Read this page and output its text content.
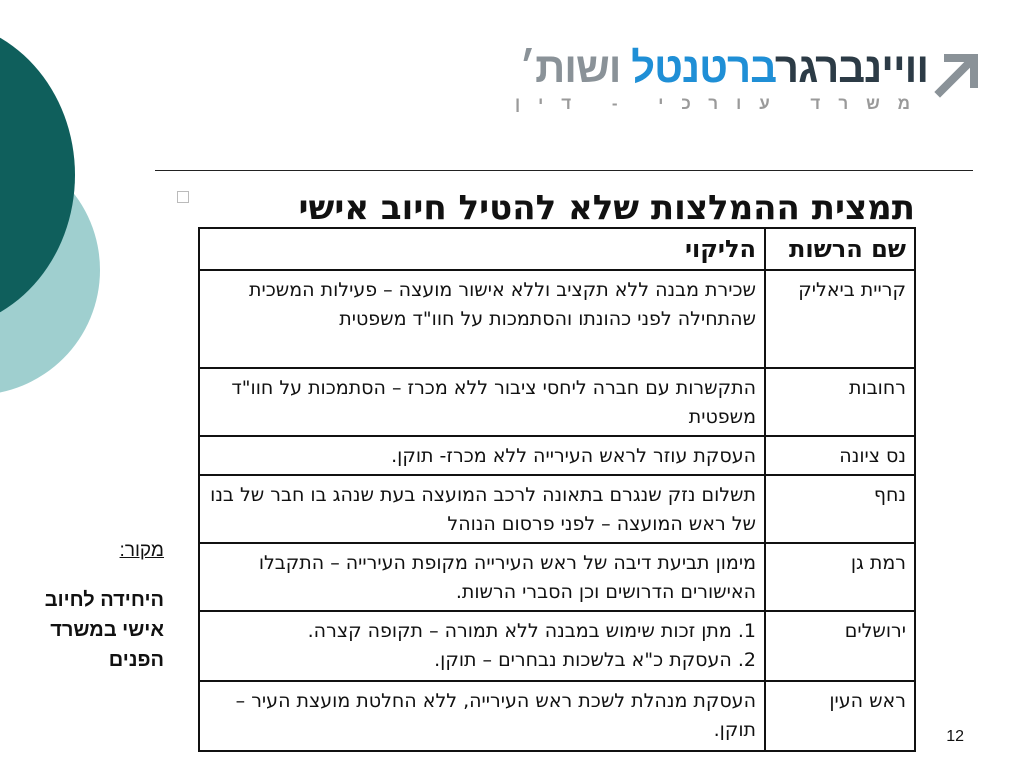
וויינברגרברטנטל ושות׳
משרד עורכי - דין
תמצית ההמלצות שלא להטיל חיוב אישי
שם הרשות	הליקוי
קריית ביאליק	שכירת מבנה ללא תקציב וללא אישור מועצה – פעילות המשכית שהתחילה לפני כהונתו והסתמכות על חוו"ד משפטית

רחובות	התקשרות עם חברה ליחסי ציבור ללא מכרז – הסתמכות על חוו"ד משפטית

נס ציונה	העסקת עוזר לראש העירייה ללא מכרז- תוקן.

נחף	תשלום נזק שנגרם בתאונה לרכב המועצה בעת שנהג בו חבר של בנו של ראש המועצה – לפני פרסום הנוהל

רמת גן	מימון תביעת דיבה של ראש העירייה מקופת העירייה – התקבלו האישורים הדרושים וכן הסברי הרשות.

ירושלים	1. מתן זכות שימוש במבנה ללא תמורה – תקופה קצרה.
2. העסקת כ"א בלשכות נבחרים – תוקן.

ראש העין	העסקת מנהלת לשכת ראש העירייה, ללא החלטת מועצת העיר – תוקן.
מקור:
היחידה לחיוב אישי במשרד הפנים
12
